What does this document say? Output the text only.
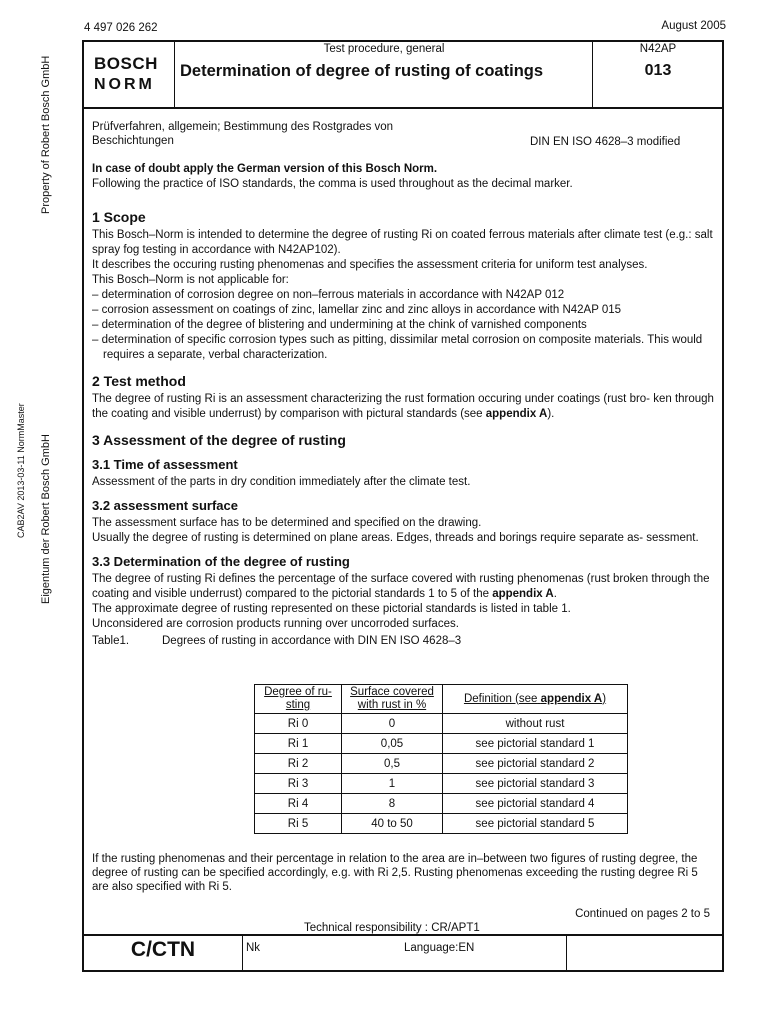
4 497 026 262	August 2005
Property of Robert Bosch GmbH
CAB2AV 2013-03-11 NormMaster Eigentum der Robert Bosch GmbH
BOSCH
NORM
Test procedure, general
Determination of degree of rusting of coatings
N42AP
013
Prüfverfahren, allgemein; Bestimmung des Rostgrades von Beschichtungen	DIN EN ISO 4628–3 modified

In case of doubt apply the German version of this Bosch Norm.

Following the practice of ISO standards, the comma is used throughout as the decimal marker.

1 Scope

This Bosch–Norm is intended to determine the degree of rusting Ri on coated ferrous materials after climate test (e.g.: salt spray fog testing in accordance with N42AP102).

It describes the occuring rusting phenomenas and specifies the assessment criteria for uniform test analyses.

This Bosch–Norm is not applicable for:

– determination of corrosion degree on non–ferrous materials in accordance with N42AP 012

– corrosion assessment on coatings of zinc, lamellar zinc and zinc alloys in accordance with N42AP 015

– determination of the degree of blistering and undermining at the chink of varnished components

– determination of specific corrosion types such as pitting, dissimilar metal corrosion on composite materials. This would requires a separate, verbal characterization.

2 Test method

The degree of rusting Ri is an assessment characterizing the rust formation occuring under coatings (rust bro- ken through the coating and visible underrust) by comparison with pictural standards (see appendix A).

3 Assessment of the degree of rusting
3.1 Time of assessment

Assessment of the parts in dry condition immediately after the climate test.

3.2 assessment surface

The assessment surface has to be determined and specified on the drawing.

Usually the degree of rusting is determined on plane areas. Edges, threads and borings require separate as- sessment.

3.3 Determination of the degree of rusting

The degree of rusting Ri defines the percentage of the surface covered with rusting phenomenas (rust broken through the coating and visible underrust) compared to the pictorial standards 1 to 5 of the appendix A.

The approximate degree of rusting represented on these pictorial standards is listed in table 1.

Unconsidered are corrosion products running over uncorroded surfaces.

Table1.	Degrees of rusting in accordance with DIN EN ISO 4628–3

Degree of ru- sting	Surface covered with rust in %	Definition (see appendix A)
Ri 0	0	without rust
Ri 1	0,05	see pictorial standard 1
Ri 2	0,5	see pictorial standard 2
Ri 3	1	see pictorial standard 3
Ri 4	8	see pictorial standard 4
Ri 5	40 to 50	see pictorial standard 5

If the rusting phenomenas and their percentage in relation to the area are in–between two figures of rusting degree, the degree of rusting can be specified accordingly, e.g. with Ri 2,5. Rusting phenomenas exceeding the rusting degree Ri 5 are also specified with Ri 5.

Continued on pages 2 to 5
Technical responsibility : CR/APT1
C/CTN	Nk	Language:EN
